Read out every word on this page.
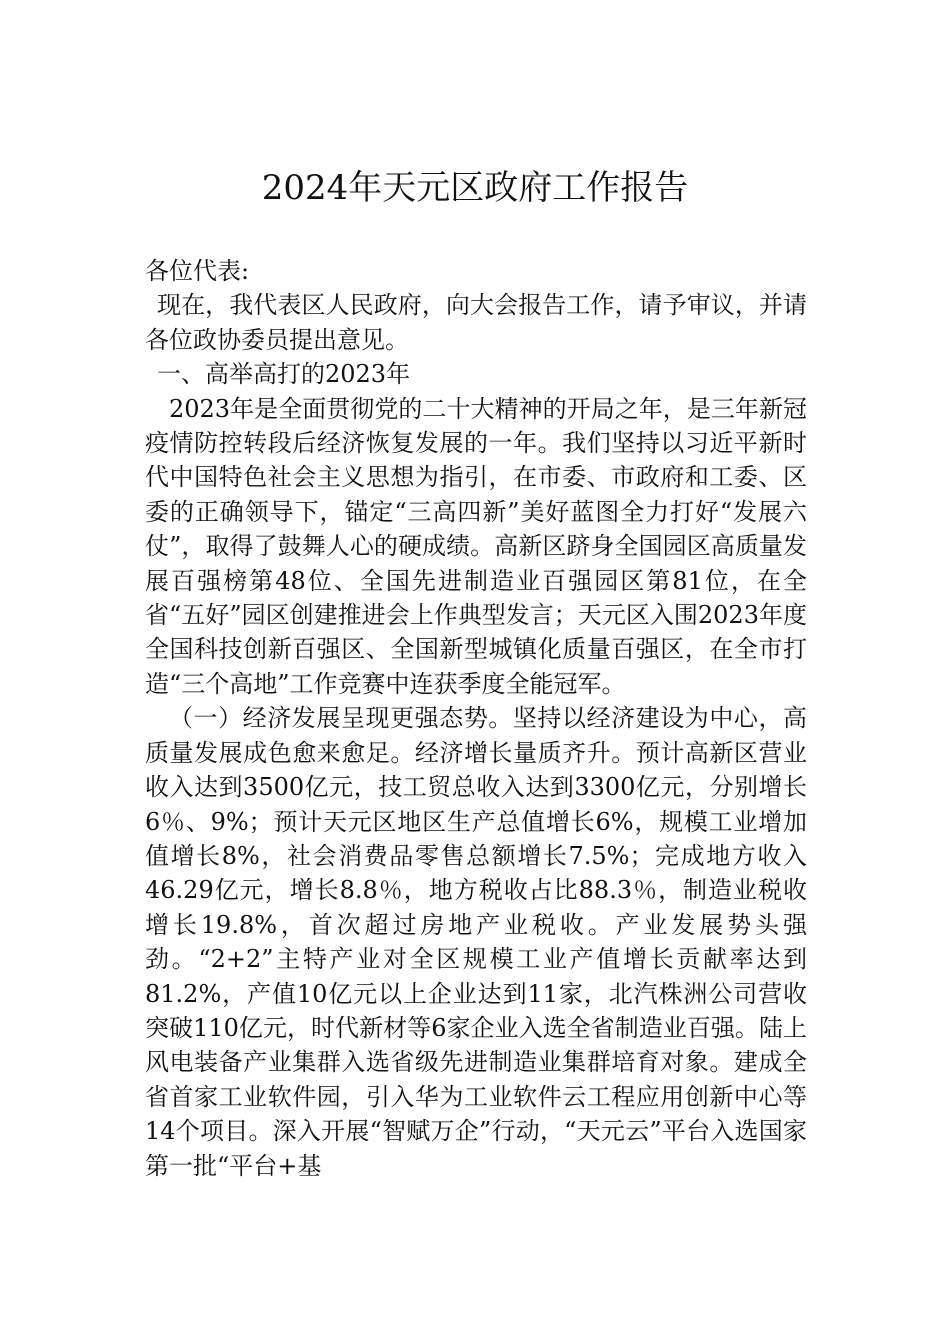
2024年天元区政府工作报告

各位代表:

现在，我代表区人民政府，向大会报告工作，请予审议，并请各位政协委员提出意见。

一、高举高打的2023年

2023年是全面贯彻党的二十大精神的开局之年，是三年新冠疫情防控转段后经济恢复发展的一年。我们坚持以习近平新时代中国特色社会主义思想为指引，在市委、市政府和工委、区委的正确领导下，锚定“三高四新”美好蓝图全力打好“发展六仗”，取得了鼓舞人心的硬成绩。高新区跻身全国园区高质量发展百强榜第48位、全国先进制造业百强园区第81位，在全省“五好”园区创建推进会上作典型发言；天元区入围2023年度全国科技创新百强区、全国新型城镇化质量百强区，在全市打造“三个高地”工作竞赛中连获季度全能冠军。

（一）经济发展呈现更强态势。坚持以经济建设为中心，高质量发展成色愈来愈足。经济增长量质齐升。预计高新区营业收入达到3500亿元，技工贸总收入达到3300亿元，分别增长6％、9%；预计天元区地区生产总值增长6%，规模工业增加值增长8%，社会消费品零售总额增长7.5%；完成地方收入46.29亿元，增长8.8％，地方税收占比88.3％，制造业税收增长19.8%，首次超过房地产业税收。产业发展势头强劲。“2+2”主特产业对全区规模工业产值增长贡献率达到81.2%，产值10亿元以上企业达到11家，北汽株洲公司营收突破110亿元，时代新材等6家企业入选全省制造业百强。陆上风电装备产业集群入选省级先进制造业集群培育对象。建成全省首家工业软件园，引入华为工业软件云工程应用创新中心等14个项目。深入开展“智赋万企”行动，“天元云”平台入选国家第一批“平台+基
